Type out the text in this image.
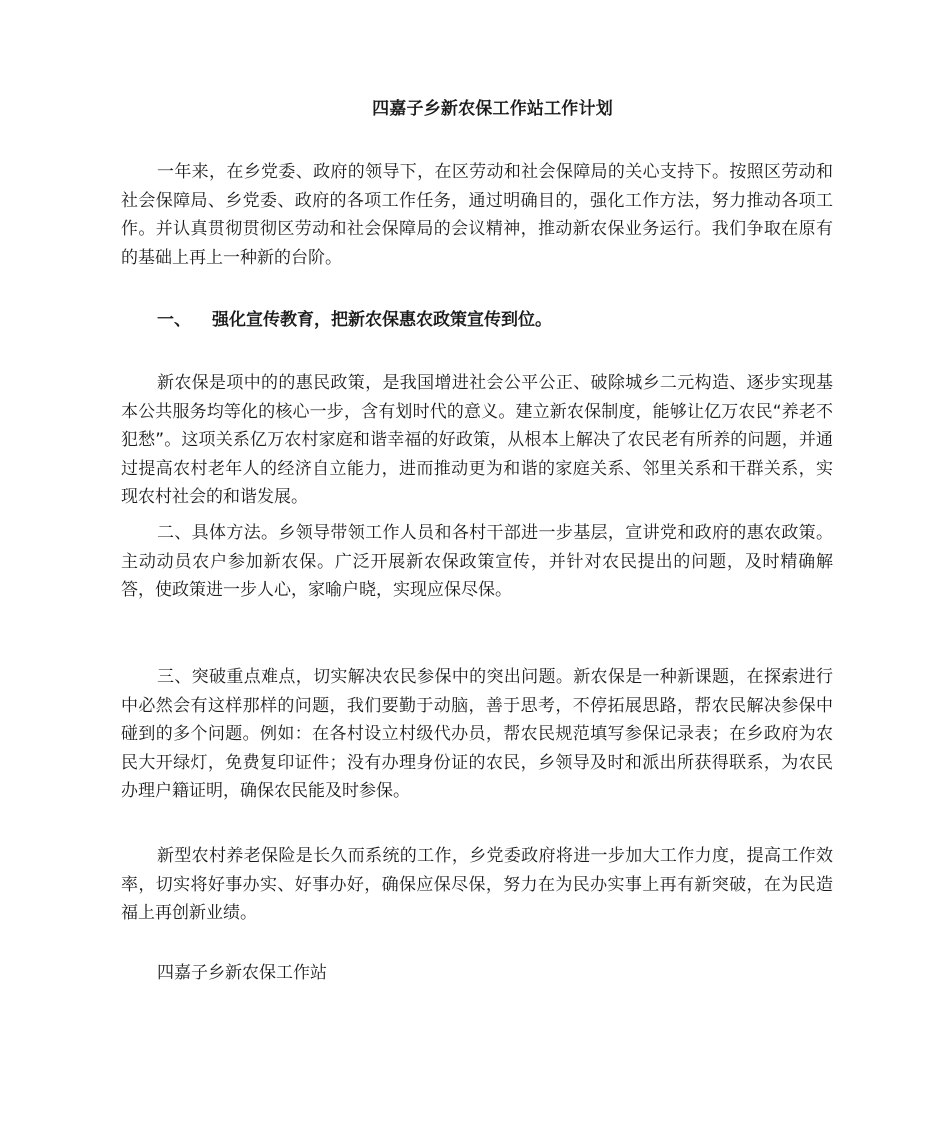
四嘉子乡新农保工作站工作计划

一年来，在乡党委、政府的领导下，在区劳动和社会保障局的关心支持下。按照区劳动和社会保障局、乡党委、政府的各项工作任务，通过明确目的，强化工作方法，努力推动各项工作。并认真贯彻贯彻区劳动和社会保障局的会议精神，推动新农保业务运行。我们争取在原有的基础上再上一种新的台阶。

一、 强化宣传教育，把新农保惠农政策宣传到位。

新农保是项中的的惠民政策，是我国增进社会公平公正、破除城乡二元构造、逐步实现基本公共服务均等化的核心一步，含有划时代的意义。建立新农保制度，能够让亿万农民“养老不犯愁”。这项关系亿万农村家庭和谐幸福的好政策，从根本上解决了农民老有所养的问题，并通过提高农村老年人的经济自立能力，进而推动更为和谐的家庭关系、邻里关系和干群关系，实现农村社会的和谐发展。

二、具体方法。乡领导带领工作人员和各村干部进一步基层，宣讲党和政府的惠农政策。主动动员农户参加新农保。广泛开展新农保政策宣传，并针对农民提出的问题，及时精确解答，使政策进一步人心，家喻户晓，实现应保尽保。

三、突破重点难点，切实解决农民参保中的突出问题。新农保是一种新课题，在探索进行中必然会有这样那样的问题，我们要勤于动脑，善于思考，不停拓展思路，帮农民解决参保中碰到的多个问题。例如：在各村设立村级代办员，帮农民规范填写参保记录表；在乡政府为农民大开绿灯，免费复印证件；没有办理身份证的农民，乡领导及时和派出所获得联系，为农民办理户籍证明，确保农民能及时参保。

新型农村养老保险是长久而系统的工作，乡党委政府将进一步加大工作力度，提高工作效率，切实将好事办实、好事办好，确保应保尽保，努力在为民办实事上再有新突破，在为民造福上再创新业绩。

四嘉子乡新农保工作站
